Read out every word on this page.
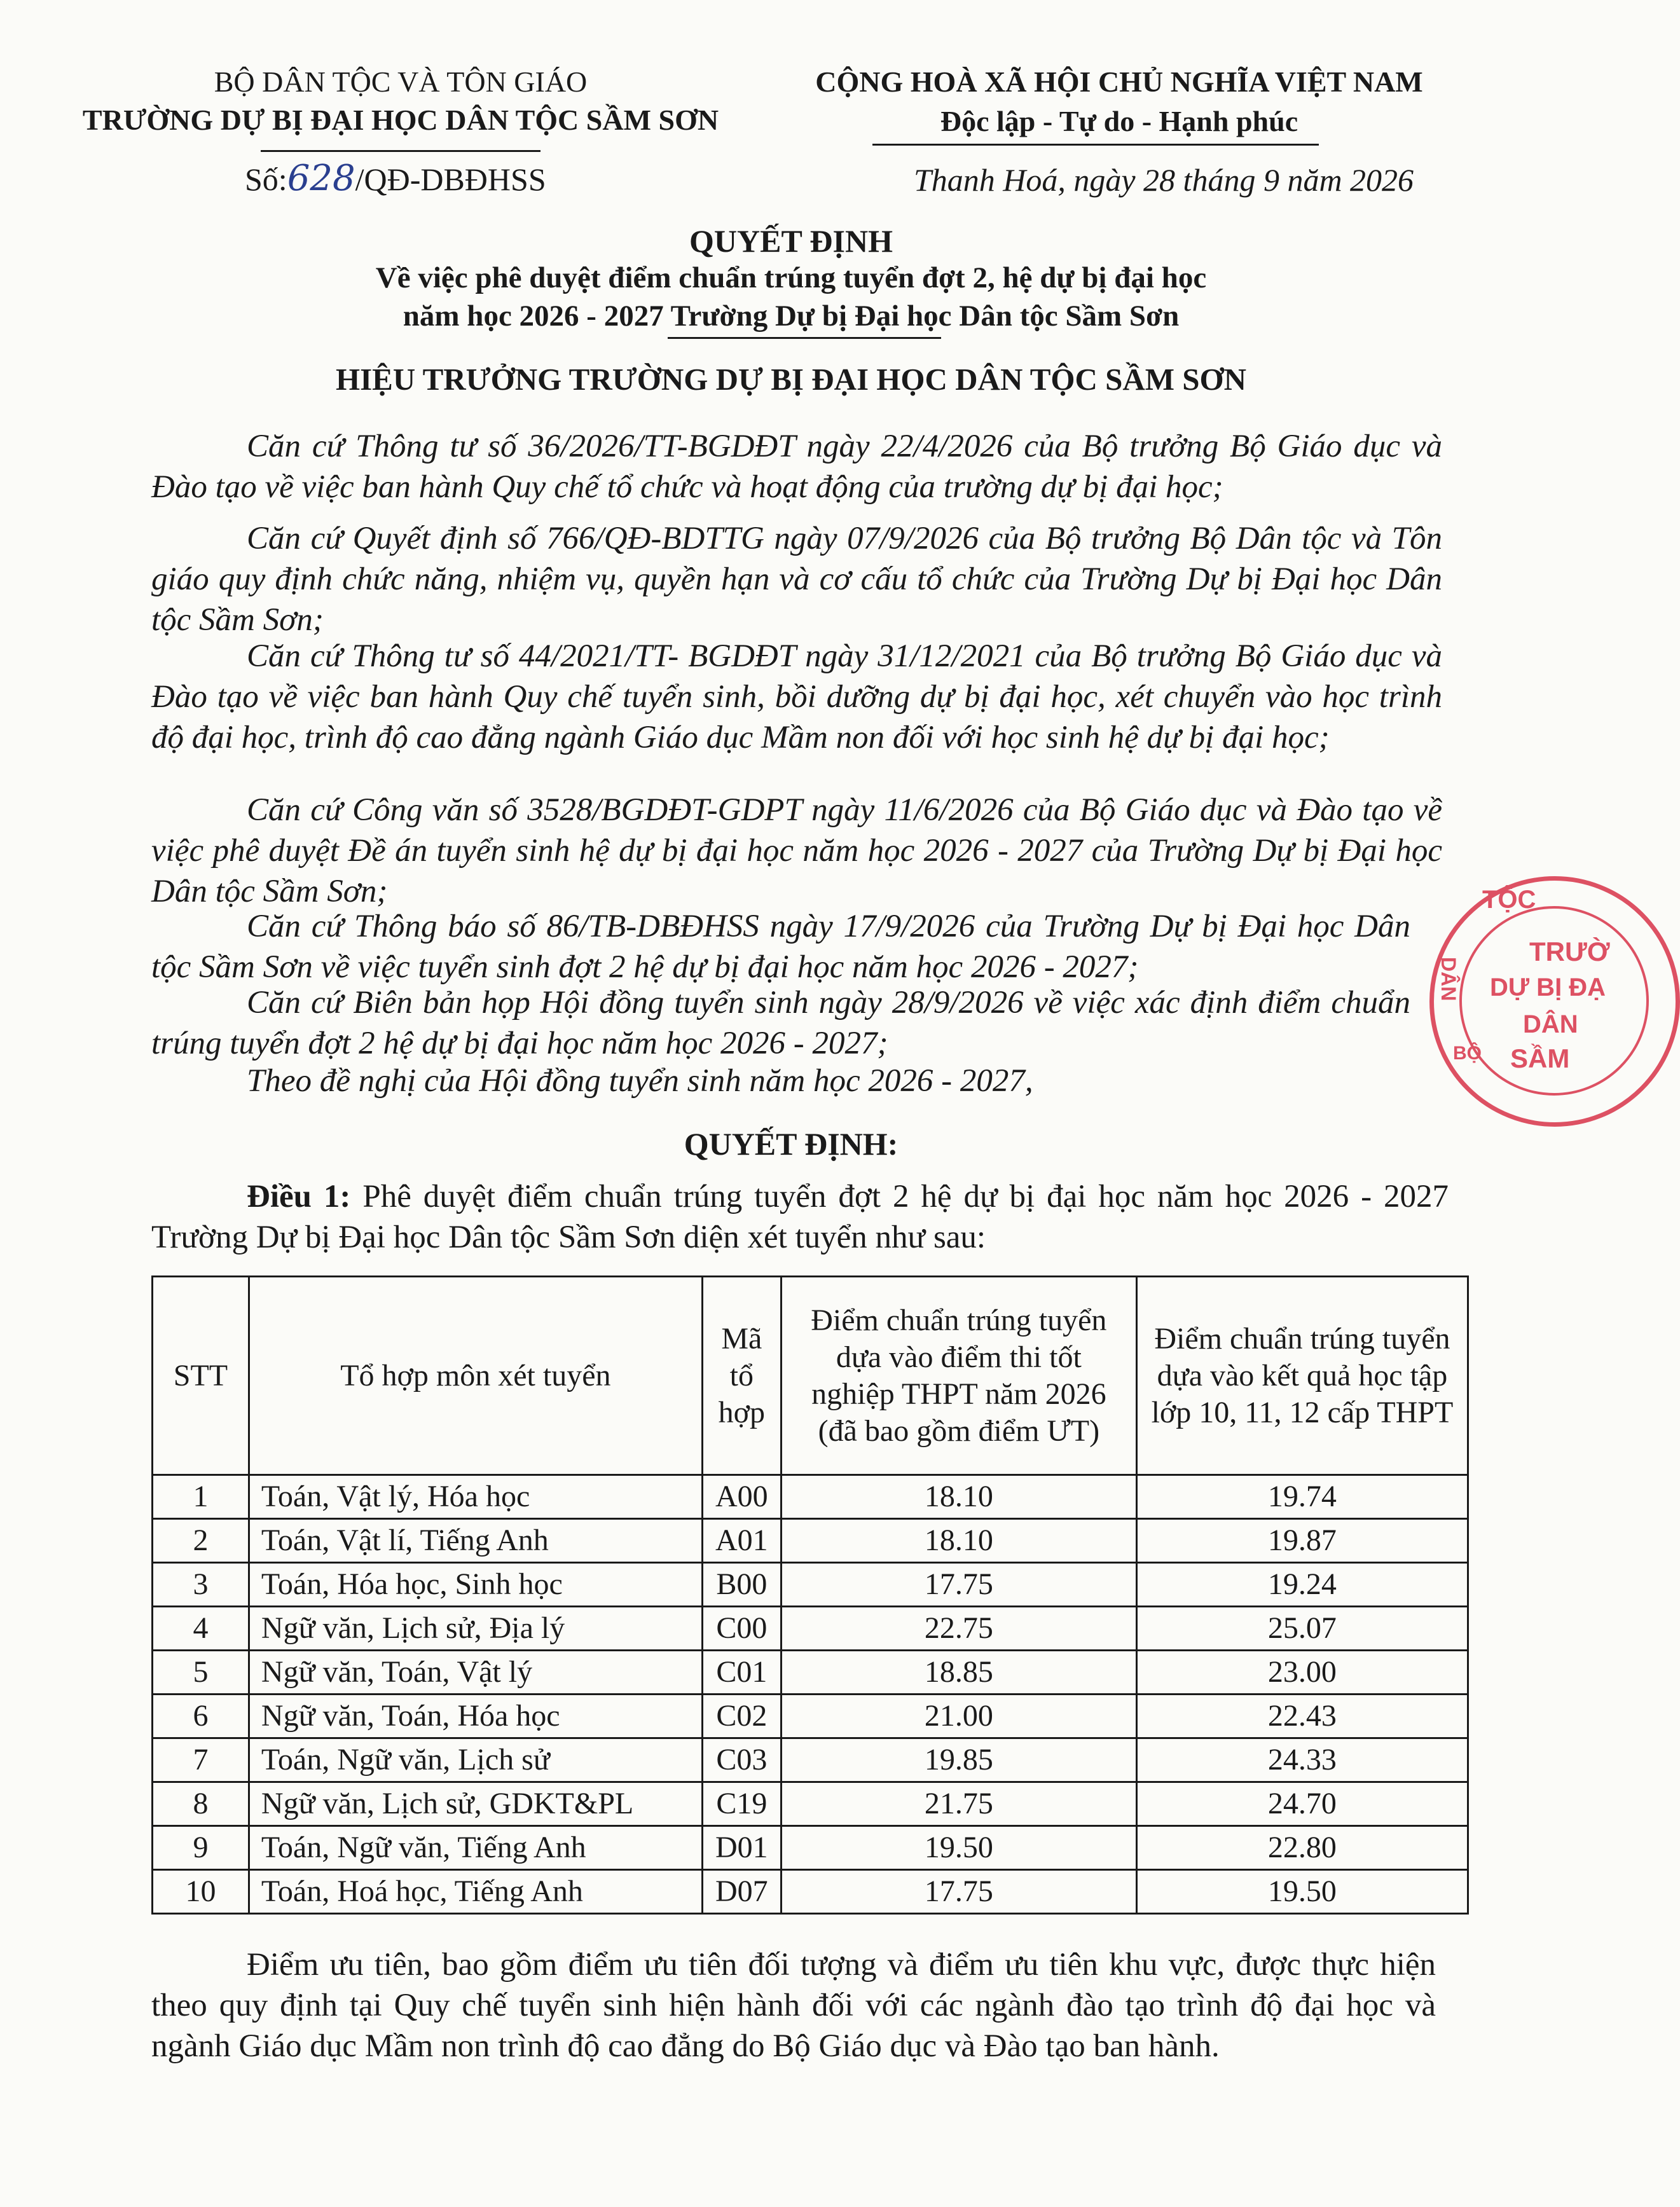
BỘ DÂN TỘC VÀ TÔN GIÁO
TRƯỜNG DỰ BỊ ĐẠI HỌC DÂN TỘC SẦM SƠN
Số:628/QĐ-DBĐHSS
CỘNG HOÀ XÃ HỘI CHỦ NGHĨA VIỆT NAM
Độc lập - Tự do - Hạnh phúc
Thanh Hoá, ngày 28 tháng 9 năm 2026
QUYẾT ĐỊNH
Về việc phê duyệt điểm chuẩn trúng tuyển đợt 2, hệ dự bị đại học
năm học 2026 - 2027 Trường Dự bị Đại học Dân tộc Sầm Sơn
HIỆU TRƯỞNG TRƯỜNG DỰ BỊ ĐẠI HỌC DÂN TỘC SẦM SƠN
Căn cứ Thông tư số 36/2026/TT-BGDĐT ngày 22/4/2026 của Bộ trưởng Bộ Giáo dục và Đào tạo về việc ban hành Quy chế tổ chức và hoạt động của trường dự bị đại học;
Căn cứ Quyết định số 766/QĐ-BDTTG ngày 07/9/2026 của Bộ trưởng Bộ Dân tộc và Tôn giáo quy định chức năng, nhiệm vụ, quyền hạn và cơ cấu tổ chức của Trường Dự bị Đại học Dân tộc Sầm Sơn;
Căn cứ Thông tư số 44/2021/TT- BGDĐT ngày 31/12/2021 của Bộ trưởng Bộ Giáo dục và Đào tạo về việc ban hành Quy chế tuyển sinh, bồi dưỡng dự bị đại học, xét chuyển vào học trình độ đại học, trình độ cao đẳng ngành Giáo dục Mầm non đối với học sinh hệ dự bị đại học;
Căn cứ Công văn số 3528/BGDĐT-GDPT ngày 11/6/2026 của Bộ Giáo dục và Đào tạo về việc phê duyệt Đề án tuyển sinh hệ dự bị đại học năm học 2026 - 2027 của Trường Dự bị Đại học Dân tộc Sầm Sơn;
Căn cứ Thông báo số 86/TB-DBĐHSS ngày 17/9/2026 của Trường Dự bị Đại học Dân tộc Sầm Sơn về việc tuyển sinh đợt 2 hệ dự bị đại học năm học 2026 - 2027;
Căn cứ Biên bản họp Hội đồng tuyển sinh ngày 28/9/2026 về việc xác định điểm chuẩn trúng tuyển đợt 2 hệ dự bị đại học năm học 2026 - 2027;
Theo đề nghị của Hội đồng tuyển sinh năm học 2026 - 2027,
QUYẾT ĐỊNH:
Điều 1: Phê duyệt điểm chuẩn trúng tuyển đợt 2 hệ dự bị đại học năm học 2026 - 2027 Trường Dự bị Đại học Dân tộc Sầm Sơn diện xét tuyển như sau:
STT	Tổ hợp môn xét tuyển	Mã tổ hợp	Điểm chuẩn trúng tuyển dựa vào điểm thi tốt nghiệp THPT năm 2026 (đã bao gồm điểm ƯT)	Điểm chuẩn trúng tuyển dựa vào kết quả học tập lớp 10, 11, 12 cấp THPT
1	Toán, Vật lý, Hóa học	A00	18.10	19.74
2	Toán, Vật lí, Tiếng Anh	A01	18.10	19.87
3	Toán, Hóa học, Sinh học	B00	17.75	19.24
4	Ngữ văn, Lịch sử, Địa lý	C00	22.75	25.07
5	Ngữ văn, Toán, Vật lý	C01	18.85	23.00
6	Ngữ văn, Toán, Hóa học	C02	21.00	22.43
7	Toán, Ngữ văn, Lịch sử	C03	19.85	24.33
8	Ngữ văn, Lịch sử, GDKT&PL	C19	21.75	24.70
9	Toán, Ngữ văn, Tiếng Anh	D01	19.50	22.80
10	Toán, Hoá học, Tiếng Anh	D07	17.75	19.50
Điểm ưu tiên, bao gồm điểm ưu tiên đối tượng và điểm ưu tiên khu vực, được thực hiện theo quy định tại Quy chế tuyển sinh hiện hành đối với các ngành đào tạo trình độ đại học và ngành Giáo dục Mầm non trình độ cao đẳng do Bộ Giáo dục và Đào tạo ban hành.
TỘC
TRƯỜ
DỰ BỊ ĐẠ
DÂN
SẦM
DÂN
BỘ
